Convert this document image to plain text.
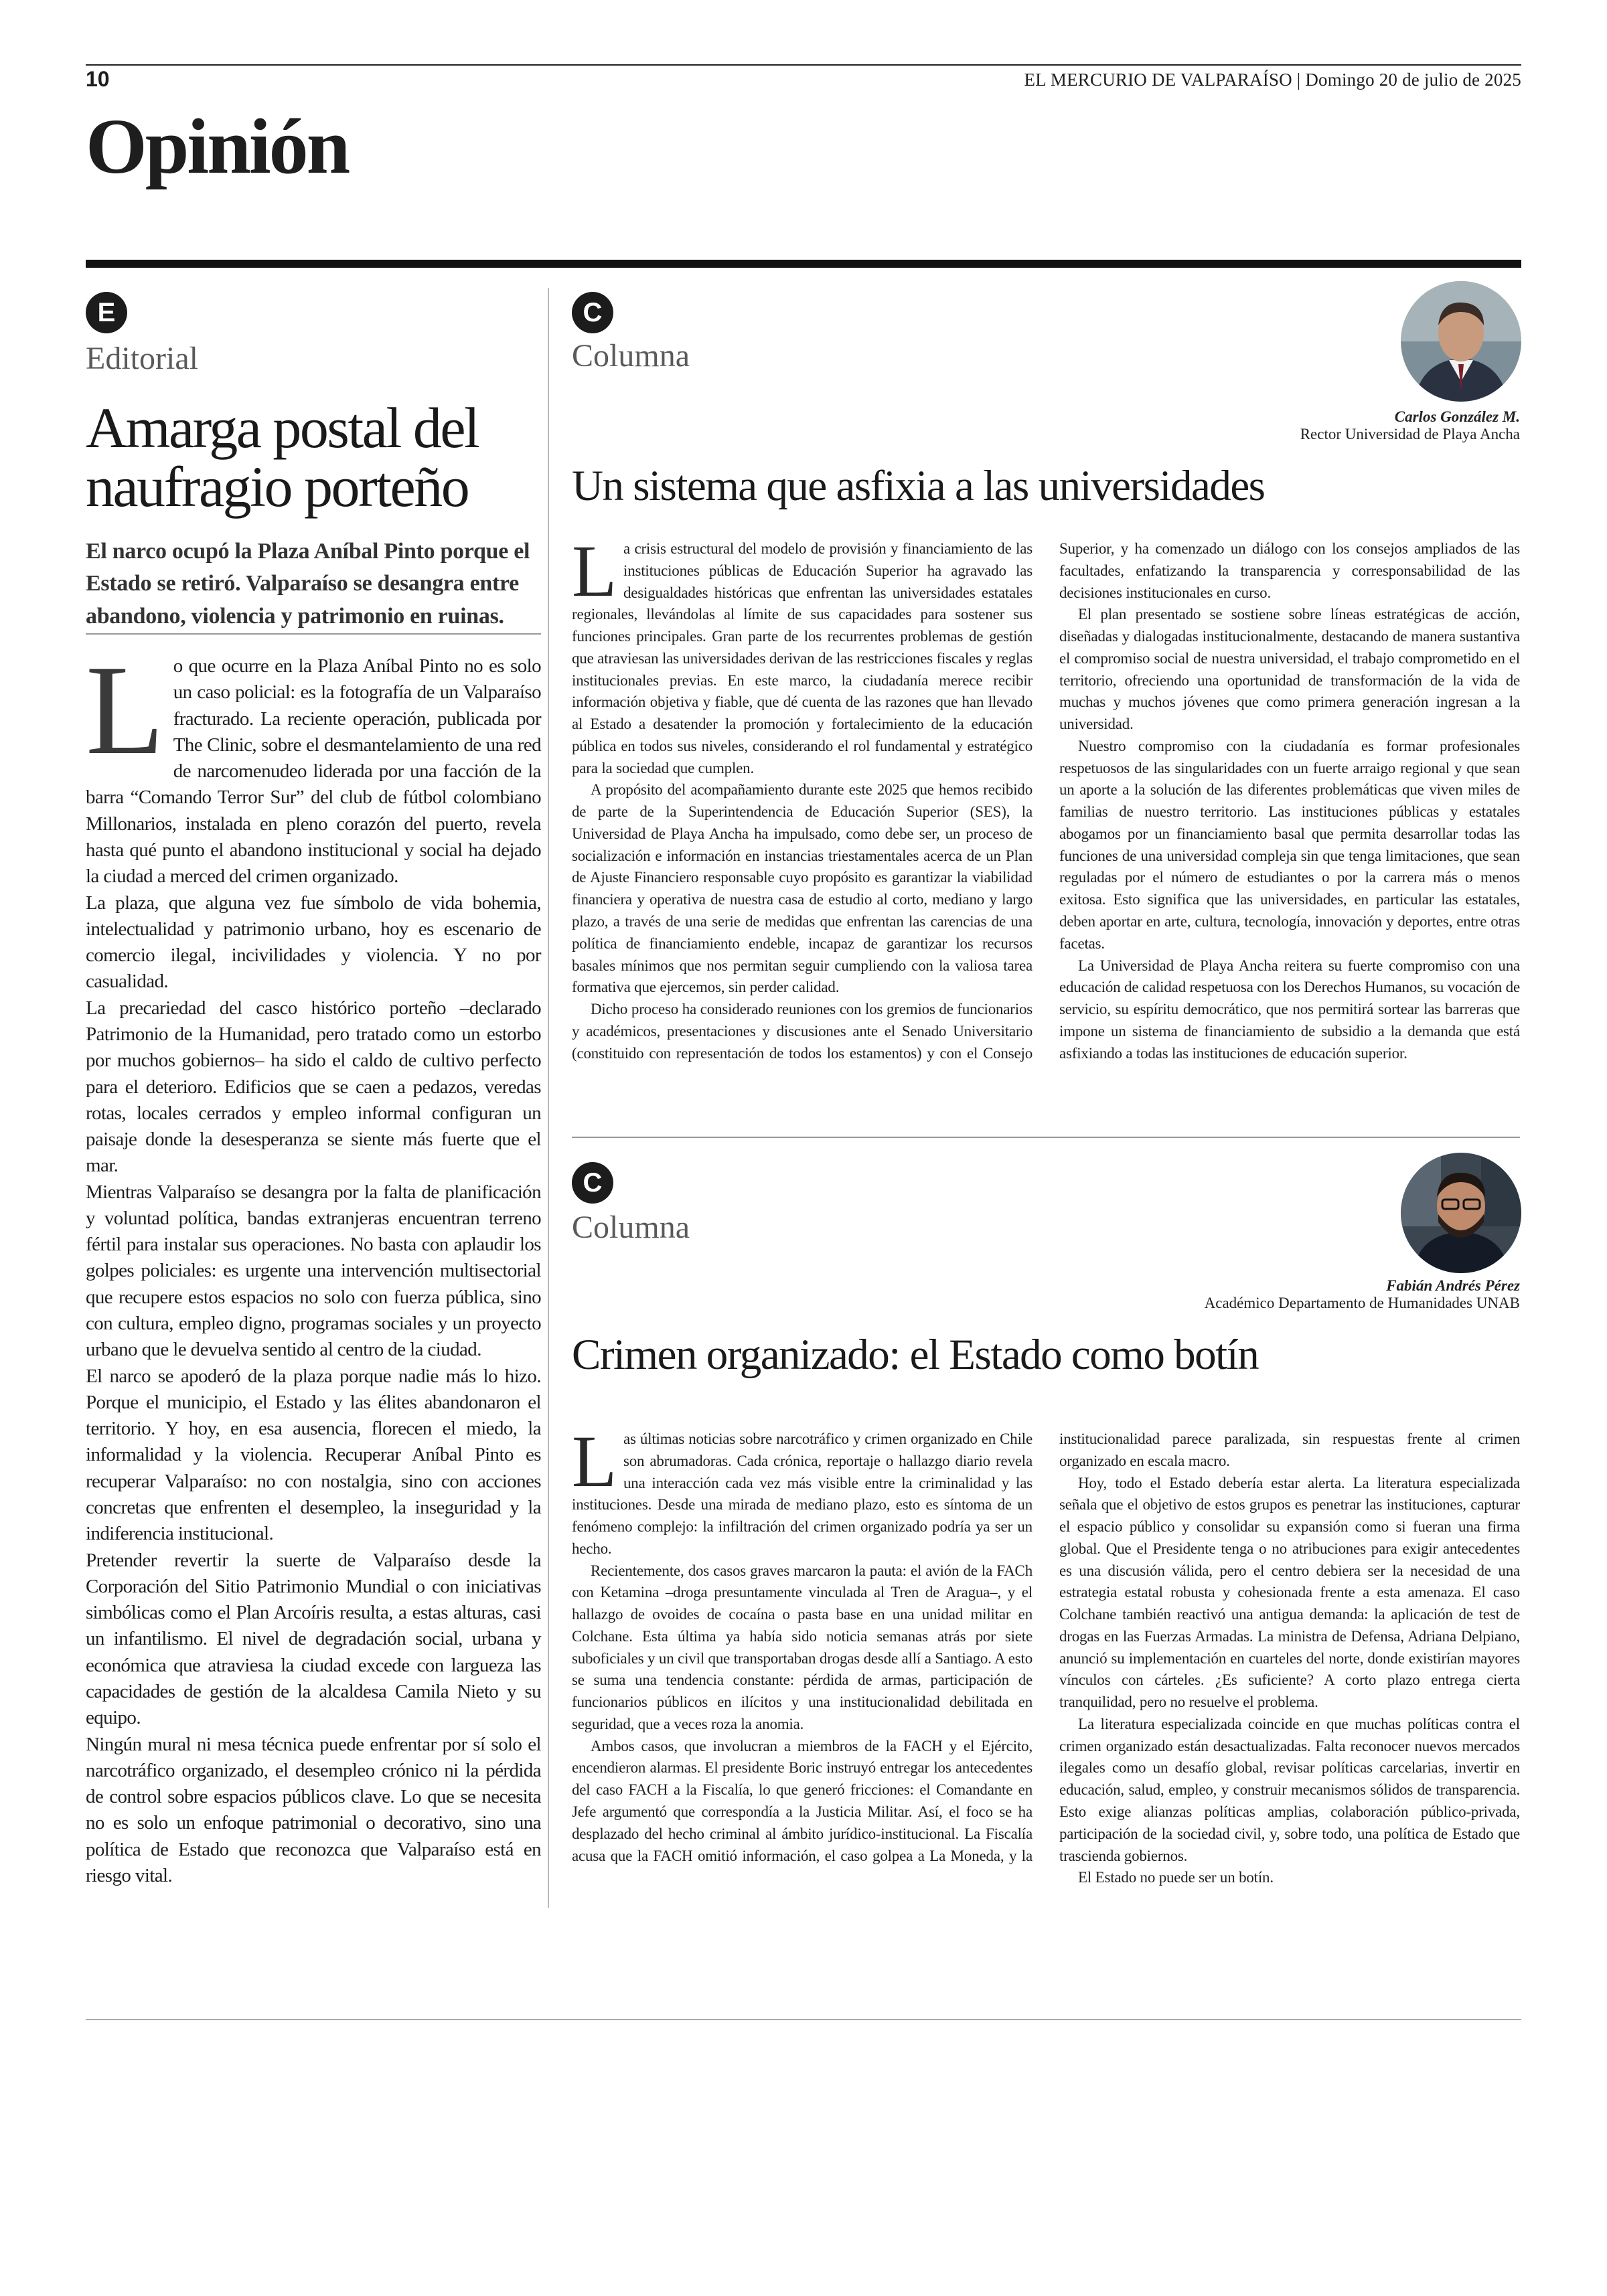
10	EL MERCURIO DE VALPARAÍSO | Domingo 20 de julio de 2025
Opinión
E
Editorial
Amarga postal del naufragio porteño
El narco ocupó la Plaza Aníbal Pinto porque el Estado se retiró. Valparaíso se desangra entre abandono, violencia y patrimonio en ruinas.
L o que ocurre en la Plaza Aníbal Pinto no es solo un caso policial: es la fotografía de un Valparaíso fracturado. La reciente operación, publicada por The Clinic, sobre el desmantelamiento de una red de narcomenudeo liderada por una facción de la barra “Comando Terror Sur” del club de fútbol colombiano Millonarios, instalada en pleno corazón del puerto, revela hasta qué punto el abandono institucional y social ha dejado la ciudad a merced del crimen organizado.

La plaza, que alguna vez fue símbolo de vida bohemia, intelectualidad y patrimonio urbano, hoy es escenario de comercio ilegal, incivilidades y violencia. Y no por casualidad.

La precariedad del casco histórico porteño –declarado Patrimonio de la Humanidad, pero tratado como un estorbo por muchos gobiernos– ha sido el caldo de cultivo perfecto para el deterioro. Edificios que se caen a pedazos, veredas rotas, locales cerrados y empleo informal configuran un paisaje donde la desesperanza se siente más fuerte que el mar.

Mientras Valparaíso se desangra por la falta de planificación y voluntad política, bandas extranjeras encuentran terreno fértil para instalar sus operaciones. No basta con aplaudir los golpes policiales: es urgente una intervención multisectorial que recupere estos espacios no solo con fuerza pública, sino con cultura, empleo digno, programas sociales y un proyecto urbano que le devuelva sentido al centro de la ciudad.

El narco se apoderó de la plaza porque nadie más lo hizo. Porque el municipio, el Estado y las élites abandonaron el territorio. Y hoy, en esa ausencia, florecen el miedo, la informalidad y la violencia. Recuperar Aníbal Pinto es recuperar Valparaíso: no con nostalgia, sino con acciones concretas que enfrenten el desempleo, la inseguridad y la indiferencia institucional.

Pretender revertir la suerte de Valparaíso desde la Corporación del Sitio Patrimonio Mundial o con iniciativas simbólicas como el Plan Arcoíris resulta, a estas alturas, casi un infantilismo. El nivel de degradación social, urbana y económica que atraviesa la ciudad excede con largueza las capacidades de gestión de la alcaldesa Camila Nieto y su equipo.

Ningún mural ni mesa técnica puede enfrentar por sí solo el narcotráfico organizado, el desempleo crónico ni la pérdida de control sobre espacios públicos clave. Lo que se necesita no es solo un enfoque patrimonial o decorativo, sino una política de Estado que reconozca que Valparaíso está en riesgo vital.

C
Columna
Carlos González M.
Rector Universidad de Playa Ancha
Un sistema que asfixia a las universidades
L a crisis estructural del modelo de provisión y financiamiento de las instituciones públicas de Educación Superior ha agravado las desigualdades históricas que enfrentan las universidades estatales regionales, llevándolas al límite de sus capacidades para sostener sus funciones principales. Gran parte de los recurrentes problemas de gestión que atraviesan las universidades derivan de las restricciones fiscales y reglas institucionales previas. En este marco, la ciudadanía merece recibir información objetiva y fiable, que dé cuenta de las razones que han llevado al Estado a desatender la promoción y fortalecimiento de la educación pública en todos sus niveles, considerando el rol fundamental y estratégico para la sociedad que cumplen.

A propósito del acompañamiento durante este 2025 que hemos recibido de parte de la Superintendencia de Educación Superior (SES), la Universidad de Playa Ancha ha impulsado, como debe ser, un proceso de socialización e información en instancias triestamentales acerca de un Plan de Ajuste Financiero responsable cuyo propósito es garantizar la viabilidad financiera y operativa de nuestra casa de estudio al corto, mediano y largo plazo, a través de una serie de medidas que enfrentan las carencias de una política de financiamiento endeble, incapaz de garantizar los recursos basales mínimos que nos permitan seguir cumpliendo con la valiosa tarea formativa que ejercemos, sin perder calidad.

Dicho proceso ha considerado reuniones con los gremios de funcionarios y académicos, presentaciones y discusiones ante el Senado Universitario (constituido con representación de todos los estamentos) y con el Consejo Superior, y ha comenzado un diálogo con los consejos ampliados de las facultades, enfatizando la transparencia y corresponsabilidad de las decisiones institucionales en curso.

El plan presentado se sostiene sobre líneas estratégicas de acción, diseñadas y dialogadas institucionalmente, destacando de manera sustantiva el compromiso social de nuestra universidad, el trabajo comprometido en el territorio, ofreciendo una oportunidad de transformación de la vida de muchas y muchos jóvenes que como primera generación ingresan a la universidad.

Nuestro compromiso con la ciudadanía es formar profesionales respetuosos de las singularidades con un fuerte arraigo regional y que sean un aporte a la solución de las diferentes problemáticas que viven miles de familias de nuestro territorio. Las instituciones públicas y estatales abogamos por un financiamiento basal que permita desarrollar todas las funciones de una universidad compleja sin que tenga limitaciones, que sean reguladas por el número de estudiantes o por la carrera más o menos exitosa. Esto significa que las universidades, en particular las estatales, deben aportar en arte, cultura, tecnología, innovación y deportes, entre otras facetas.

La Universidad de Playa Ancha reitera su fuerte compromiso con una educación de calidad respetuosa con los Derechos Humanos, su vocación de servicio, su espíritu democrático, que nos permitirá sortear las barreras que impone un sistema de financiamiento de subsidio a la demanda que está asfixiando a todas las instituciones de educación superior.

C
Columna
Fabián Andrés Pérez
Académico Departamento de Humanidades UNAB
Crimen organizado: el Estado como botín
L as últimas noticias sobre narcotráfico y crimen organizado en Chile son abrumadoras. Cada crónica, reportaje o hallazgo diario revela una interacción cada vez más visible entre la criminalidad y las instituciones. Desde una mirada de mediano plazo, esto es síntoma de un fenómeno complejo: la infiltración del crimen organizado podría ya ser un hecho.

Recientemente, dos casos graves marcaron la pauta: el avión de la FACh con Ketamina –droga presuntamente vinculada al Tren de Aragua–, y el hallazgo de ovoides de cocaína o pasta base en una unidad militar en Colchane. Esta última ya había sido noticia semanas atrás por siete suboficiales y un civil que transportaban drogas desde allí a Santiago. A esto se suma una tendencia constante: pérdida de armas, participación de funcionarios públicos en ilícitos y una institucionalidad debilitada en seguridad, que a veces roza la anomia.

Ambos casos, que involucran a miembros de la FACH y el Ejército, encendieron alarmas. El presidente Boric instruyó entregar los antecedentes del caso FACH a la Fiscalía, lo que generó fricciones: el Comandante en Jefe argumentó que correspondía a la Justicia Militar. Así, el foco se ha desplazado del hecho criminal al ámbito jurídico-institucional. La Fiscalía acusa que la FACH omitió información, el caso golpea a La Moneda, y la institucionalidad parece paralizada, sin respuestas frente al crimen organizado en escala macro.

Hoy, todo el Estado debería estar alerta. La literatura especializada señala que el objetivo de estos grupos es penetrar las instituciones, capturar el espacio público y consolidar su expansión como si fueran una firma global. Que el Presidente tenga o no atribuciones para exigir antecedentes es una discusión válida, pero el centro debiera ser la necesidad de una estrategia estatal robusta y cohesionada frente a esta amenaza. El caso Colchane también reactivó una antigua demanda: la aplicación de test de drogas en las Fuerzas Armadas. La ministra de Defensa, Adriana Delpiano, anunció su implementación en cuarteles del norte, donde existirían mayores vínculos con cárteles. ¿Es suficiente? A corto plazo entrega cierta tranquilidad, pero no resuelve el problema.

La literatura especializada coincide en que muchas políticas contra el crimen organizado están desactualizadas. Falta reconocer nuevos mercados ilegales como un desafío global, revisar políticas carcelarias, invertir en educación, salud, empleo, y construir mecanismos sólidos de transparencia. Esto exige alianzas políticas amplias, colaboración público-privada, participación de la sociedad civil, y, sobre todo, una política de Estado que trascienda gobiernos.

El Estado no puede ser un botín.
